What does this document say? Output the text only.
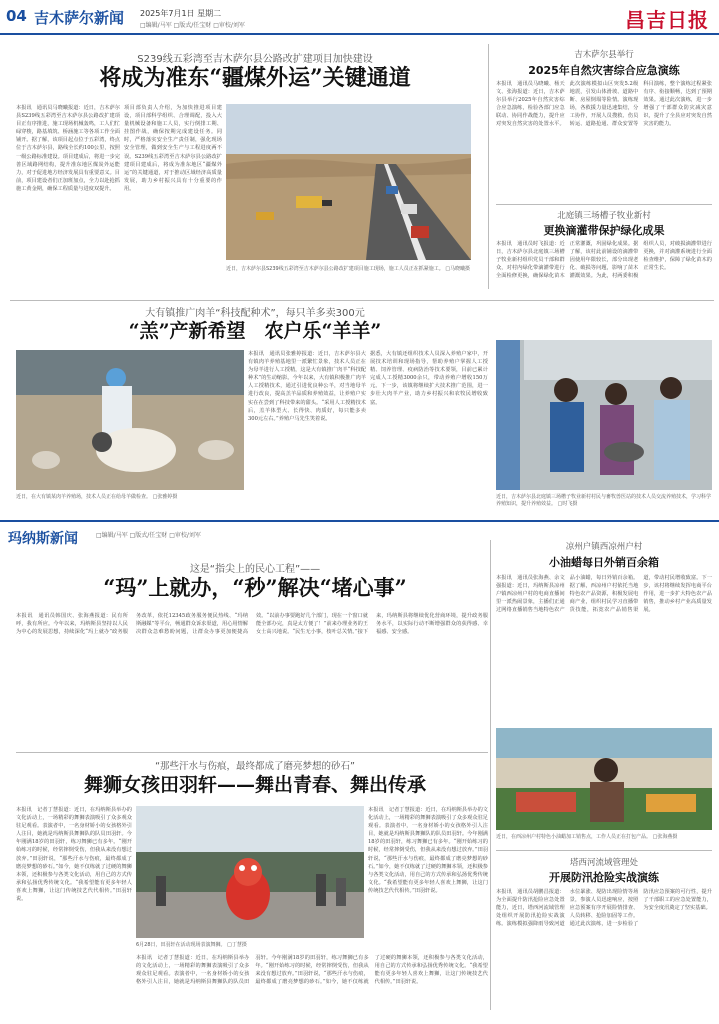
04 吉木萨尔新闻 2025年7月1日 星期二
□编辑/马军 □版式/任宝财 □审校/刘军	昌吉日报
S239线五彩湾至吉木萨尔县公路改扩建项目加快建设
将成为准东“疆煤外运”关键通道
本报讯　通讯员马晓曦报道：近日，吉木萨尔县S239线五彩湾至吉木萨尔县公路改扩建项目正有序推进，施工现场机械轰鸣，工人们忙碌穿梭，路基填筑、桥涵施工等各项工作全面铺开。据了解，该项目起点位于五彩湾，终点位于吉木萨尔县，路线全长约100公里，按照一级公路标准建设。项目建成后，将进一步完善区域路网结构，提升准东地区煤炭外运能力，对于促进地方经济发展具有重要意义。目前，项目建设者们正加班加点，全力以赴抢抓施工黄金期，确保工程质量与进度双提升。
项目部负责人介绍，为加快推进项目建设，项目部科学组织、合理调配，投入大量机械设备和施工人员，实行倒排工期、挂图作战，确保按期完成建设任务。同时，严格落实安全生产责任制，强化现场安全管理，做到安全生产与工程进度两不误。S239线五彩湾至吉木萨尔县公路改扩建项目建成后，将成为准东地区“疆煤外运”的关键通道，对于推动区域经济高质量发展，助力乡村振兴具有十分重要的作用。
近日，吉木萨尔县S239线五彩湾至吉木萨尔县公路改扩建项目施工现场，施工人员正在抓紧施工。 □马晓曦摄
吉木萨尔县举行
2025年自然灾害综合应急演练
本报讯　通讯员马晓曦、杨天文、张海报道：近日，吉木萨尔县举行2025年自然灾害综合应急演练，检验各部门应急联动、协同作战能力，提升应对突发自然灾害的处置水平。此次演练模拟山区突发5.2级地震，引发山体滑坡、道路中断、房屋倒塌等险情。演练现场，各救援力量迅速集结，分工协作，开展人员搜救、伤员转运、道路抢通、群众安置等科目演练，整个演练过程紧张有序、衔接顺畅，达到了预期效果。通过此次演练，进一步增强了干部群众防灾减灾意识，提升了全县应对突发自然灾害的能力。
北庭镇三场槽子牧业新村
更换滴灌带保护绿化成果
本报讯　通讯员时飞报道：近日，吉木萨尔县北庭镇三场槽子牧业新村组织党员干部和群众，对村内绿化带滴灌带进行全面检修更换，确保绿化苗木正常灌溉，巩固绿化成果。据了解，该村此前铺设的滴灌带因使用年限较长，部分出现老化、破损等问题，影响了苗木灌溉效果。为此，村两委积极组织人员，对破损滴灌带进行更换，并对滴灌系统进行全面检查维护，保障了绿化苗木的正常生长。
大有镇推广肉羊“科技配种术”，每只羊多卖300元
“羔”产新希望　农户乐“羊羊”
近日，在大有镇某肉羊养殖场，技术人员正在给母羊做检查。 □张雅婷摄
本报讯　通讯员张雅婷报道：近日，吉木萨尔县大有镇肉羊养殖基地里一派繁忙景象，技术人员正在为母羊进行人工授精，这是大有镇推广肉羊“科技配种术”的生动缩影。今年以来，大有镇积极推广肉羊人工授精技术，通过引进优良种公羊，对当地母羊进行改良，提高羔羊品质和养殖效益，让养殖户实实在在尝到了科技带来的甜头。“采用人工授精技术后，羔羊体型大、长得快、肉质好，每只能多卖300元左右。”养殖户马先生笑着说。
据悉，大有镇还组织技术人员深入养殖户家中，开展技术培训和现场指导，帮助养殖户掌握人工授精、饲养管理、疫病防治等技术要领，目前已累计完成人工授精3000余只，带动养殖户增收150万元。下一步，该镇将继续扩大技术推广范围，进一步壮大肉羊产业，助力乡村振兴和农牧民增收致富。
近日，吉木萨尔县北庭镇三场槽子牧业新村村民与畜牧兽医站的技术人员交流养殖技术，学习科学养殖知识，提升养殖效益。 □时飞摄
玛纳斯新闻	□编辑/马军 □版式/任宝财 □审校/刘军
这是“指尖上的民心工程”——
“玛”上就办，“秒”解决“堵心事”
本报讯　通讯员韩国庆、张海燕报道：民有所呼，我有所应。今年以来，玛纳斯县坚持以人民为中心的发展思想，持续深化“玛上就办”政务服务改革，依托12345政务服务便民热线、“玛纳斯融媒”等平台，畅通群众诉求渠道，用心用情解决群众急难愁盼问题，让群众办事更加便捷高效。“以前办事要跑好几个部门，现在一个窗口就能全部办完，真是太方便了！”前来办理业务的王女士高兴地说。“民生无小事，枝叶总关情。”接下来，玛纳斯县将继续优化营商环境，提升政务服务水平，以实际行动不断增强群众的获得感、幸福感、安全感。
凉州户镇西凉州户村
小油蜡每日外销百余箱
本报讯　通讯员张海燕、余文强报道：近日，玛纳斯县凉州户镇西凉州户村的电商直播间里一派热闹景象，主播们正通过网络直播销售当地特色农产品小油蜡，每日外销百余箱。据了解，西凉州户村依托当地特色农产品资源，积极发展电商产业，组织村民学习直播带货技能，拓宽农产品销售渠道，带动村民增收致富。下一步，该村将继续发挥电商平台作用，进一步扩大特色农产品销售，推动乡村产业高质量发展。
近日，在西凉州户村特色小油蜡加工销售点，工作人员正在打包产品。 □张海燕摄
塔西河流域管理处
开展防汛抢险实战演练
本报讯　通讯员胡鹏昌报道：为全面提升防汛抢险应急处置能力，近日，塔西河流域管理处组织开展防汛抢险实战演练。演练模拟强降雨导致河道水位暴涨、堤防出现险情等场景，参演人员迅速响应，按照应急预案有序开展险情排查、人员转移、抢险加固等工作。通过此次演练，进一步检验了防汛应急预案的可行性，提升了干部职工的应急处置能力，为安全度汛奠定了坚实基础。
“那些汗水与伤痕，最终都成了磨亮梦想的砂石”
舞狮女孩田羽轩——舞出青春、舞出传承
本报讯　记者丁慧报道：近日，在玛纳斯县举办的文化活动上，一场精彩的舞狮表演吸引了众多观众驻足观看。表演者中，一名身材娇小的女孩格外引人注目，她就是玛纳斯县舞狮队的队员田羽轩。今年刚满18岁的田羽轩，练习舞狮已有多年。“刚开始练习的时候，经常摔倒受伤，但我从来没有想过放弃。”田羽轩说，“那些汗水与伤痕，最终都成了磨亮梦想的砂石。”如今，她不仅练就了过硬的舞狮本领，还积极参与各类文化活动，用自己的方式传承和弘扬优秀传统文化。“我希望能有更多年轻人喜欢上舞狮，让这门传统技艺代代相传。”田羽轩说。
6月28日，田羽轩在活动现场表演舞狮。 □丁慧摄
本报讯　记者丁慧报道：近日，在玛纳斯县举办的文化活动上，一场精彩的舞狮表演吸引了众多观众驻足观看。表演者中，一名身材娇小的女孩格外引人注目，她就是玛纳斯县舞狮队的队员田羽轩。今年刚满18岁的田羽轩，练习舞狮已有多年。“刚开始练习的时候，经常摔倒受伤，但我从来没有想过放弃。”田羽轩说，“那些汗水与伤痕，最终都成了磨亮梦想的砂石。”如今，她不仅练就了过硬的舞狮本领，还积极参与各类文化活动，用自己的方式传承和弘扬优秀传统文化。“我希望能有更多年轻人喜欢上舞狮，让这门传统技艺代代相传。”田羽轩说。
本报讯　记者丁慧报道：近日，在玛纳斯县举办的文化活动上，一场精彩的舞狮表演吸引了众多观众驻足观看。表演者中，一名身材娇小的女孩格外引人注目，她就是玛纳斯县舞狮队的队员田羽轩。今年刚满18岁的田羽轩，练习舞狮已有多年。“刚开始练习的时候，经常摔倒受伤，但我从来没有想过放弃。”田羽轩说，“那些汗水与伤痕，最终都成了磨亮梦想的砂石。”如今，她不仅练就了过硬的舞狮本领，还积极参与各类文化活动，用自己的方式传承和弘扬优秀传统文化。“我希望能有更多年轻人喜欢上舞狮，让这门传统技艺代代相传。”田羽轩说。
